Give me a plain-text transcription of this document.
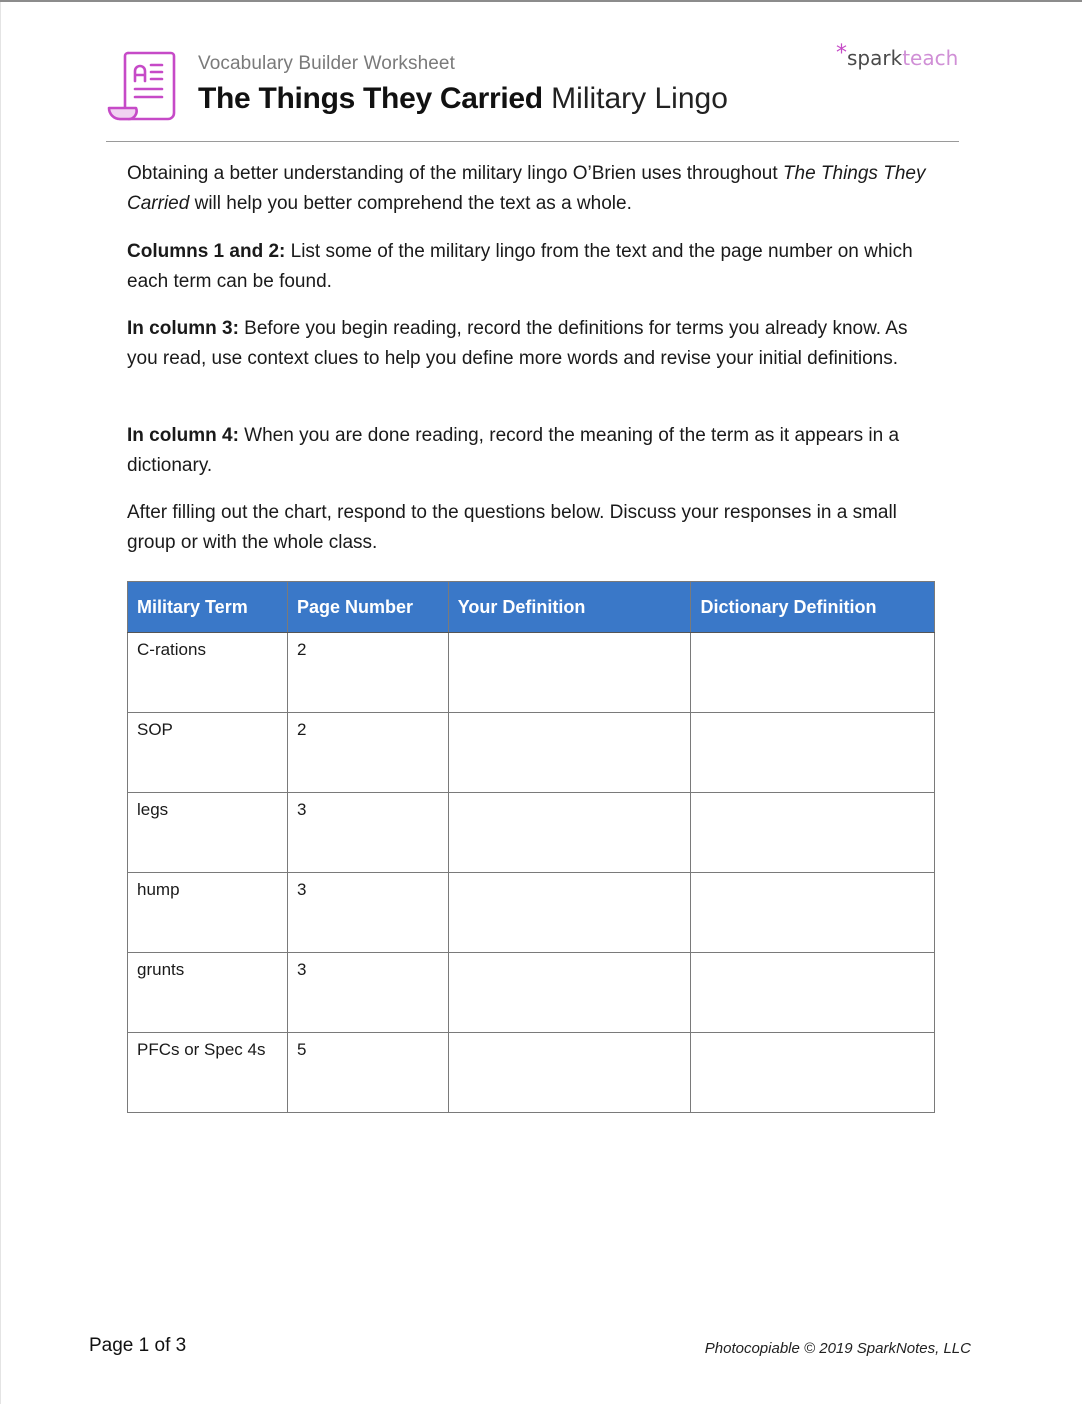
Vocabulary Builder Worksheet
The Things They Carried Military Lingo
*sparkteach
Obtaining a better understanding of the military lingo O’Brien uses throughout The Things They Carried will help you better comprehend the text as a whole.
Columns 1 and 2: List some of the military lingo from the text and the page number on which each term can be found.
In column 3: Before you begin reading, record the definitions for terms you already know. As you read, use context clues to help you define more words and revise your initial definitions.
In column 4: When you are done reading, record the meaning of the term as it appears in a dictionary.
After filling out the chart, respond to the questions below. Discuss your responses in a small group or with the whole class.
Military Term	Page Number	Your Definition	Dictionary Definition
C-rations	2		
SOP	2		
legs	3		
hump	3		
grunts	3		
PFCs or Spec 4s	5		
Page 1 of 3	Photocopiable © 2019 SparkNotes, LLC
